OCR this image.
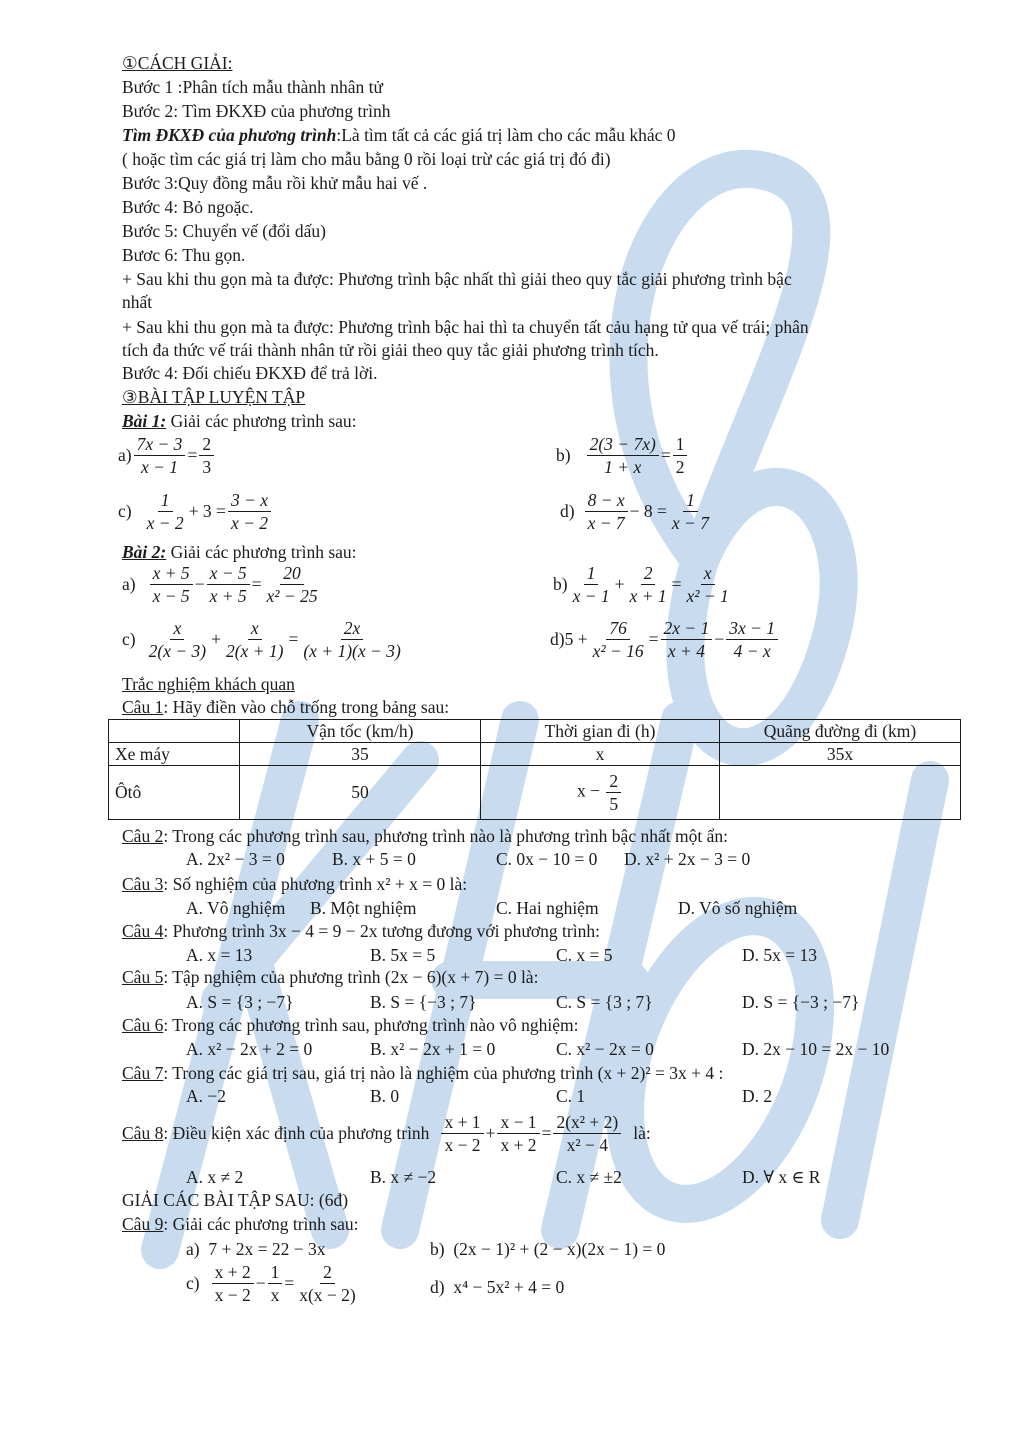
①CÁCH GIẢI:
Bước 1 :Phân tích mẫu thành nhân tử
Bước 2: Tìm ĐKXĐ của phương trình
Tìm ĐKXĐ của phương trình:Là tìm tất cả các giá trị làm cho các mẫu khác 0
( hoặc tìm các giá trị làm cho mẫu bằng 0 rồi loại trừ các giá trị đó đi)
Bước 3:Quy đồng mẫu rồi khử mẫu hai vế .
Bước 4: Bỏ ngoặc.
Bước 5: Chuyển vế (đổi dấu)
Bươc 6: Thu gọn.
+ Sau khi thu gọn mà ta được: Phương trình bậc nhất thì giải theo quy tắc giải phương trình bậc
nhất
+ Sau khi thu gọn mà ta được: Phương trình bậc hai thì ta chuyển tất cảu hạng tử qua vế trái; phân
tích đa thức vế trái thành nhân tử rồi giải theo quy tắc giải phương trình tích.
Bước 4: Đối chiếu ĐKXĐ để trả lời.
③BÀI TẬP LUYỆN TẬP
Bài 1: Giải các phương trình sau:
$a) \frac{7x - 3}{x - 1} = \frac{2}{3}$	$b) \frac{2(3 - 7x)}{1 + x} = \frac{1}{2}$
$c) \frac{1}{x - 2} + 3 = \frac{3 - x}{x - 2}$	$d) \frac{8 - x}{x - 7} - 8 = \frac{1}{x - 7}$
Bài 2: Giải các phương trình sau:
$a) \frac{x + 5}{x - 5} - \frac{x - 5}{x + 5} = \frac{20}{\text{x² − 25}}$	$b) \frac{1}{x - 1} + \frac{2}{x + 1} = \frac{x}{\text{x² − 1}}$
$c) \frac{x}{2(x - 3)} + \frac{x}{2(x + 1)} = \frac{2x}{(x + 1)(x - 3)}$	d) $5 + \frac{76}{\text{x² − 16}} = \frac{2x - 1}{x + 4} - \frac{3x - 1}{4 - x}$
Trắc nghiệm khách quan
Câu 1: Hãy điền vào chỗ trống trong bảng sau:
	Vận tốc (km/h)	Thời gian đi (h)	Quãng đường đi (km)
Xe máy	35	x	35x
Ôtô	50	$x - \frac{2}{5}$

Câu 2: Trong các phương trình sau, phương trình nào là phương trình bậc nhất một ẩn:
A. 2x² − 3 = 0	B. x + 5 = 0	C. 0x − 10 = 0 D. x² + 2x − 3 = 0
Câu 3: Số nghiệm của phương trình x² + x = 0 là:
A. Vô nghiệm B. Một nghiệm	C. Hai nghiệm	D. Vô số nghiệm
Câu 4: Phương trình 3x − 4 = 9 − 2x tương đương với phương trình:
A. x = 13	B. 5x = 5	C. x = 5	D. 5x = 13
Câu 5: Tập nghiệm của phương trình (2x − 6)(x + 7) = 0 là:
A. S = {3 ; −7}	B. S = {−3 ; 7}	C. S = {3 ; 7}	D. S = {−3 ; −7}
Câu 6: Trong các phương trình sau, phương trình nào vô nghiệm:
A. x² − 2x + 2 = 0	B. x² − 2x + 1 = 0	C. x² − 2x = 0	D. 2x − 10 = 2x − 10
Câu 7: Trong các giá trị sau, giá trị nào là nghiệm của phương trình (x + 2)² = 3x + 4 :
A. −2	B. 0	C. 1	D. 2
Câu 8 : Điều kiện xác định của phương trình $\frac{x + 1}{x - 2} + \frac{x - 1}{x + 2} = \frac{\text{2(x² + 2)}}{\text{x² − 4}}$ là:
A. x ≠ 2	B. x ≠ −2	C. x ≠ ±2	D. ∀ x ∈ R
GIẢI CÁC BÀI TẬP SAU: (6đ)
Câu 9: Giải các phương trình sau:
a) 7 + 2x = 22 − 3x	b) (2x − 1)² + (2 − x)(2x − 1) = 0
$c) \frac{x + 2}{x - 2} - \frac{1}{x} = \frac{2}{x(x - 2)}$	d) x⁴ − 5x² + 4 = 0
